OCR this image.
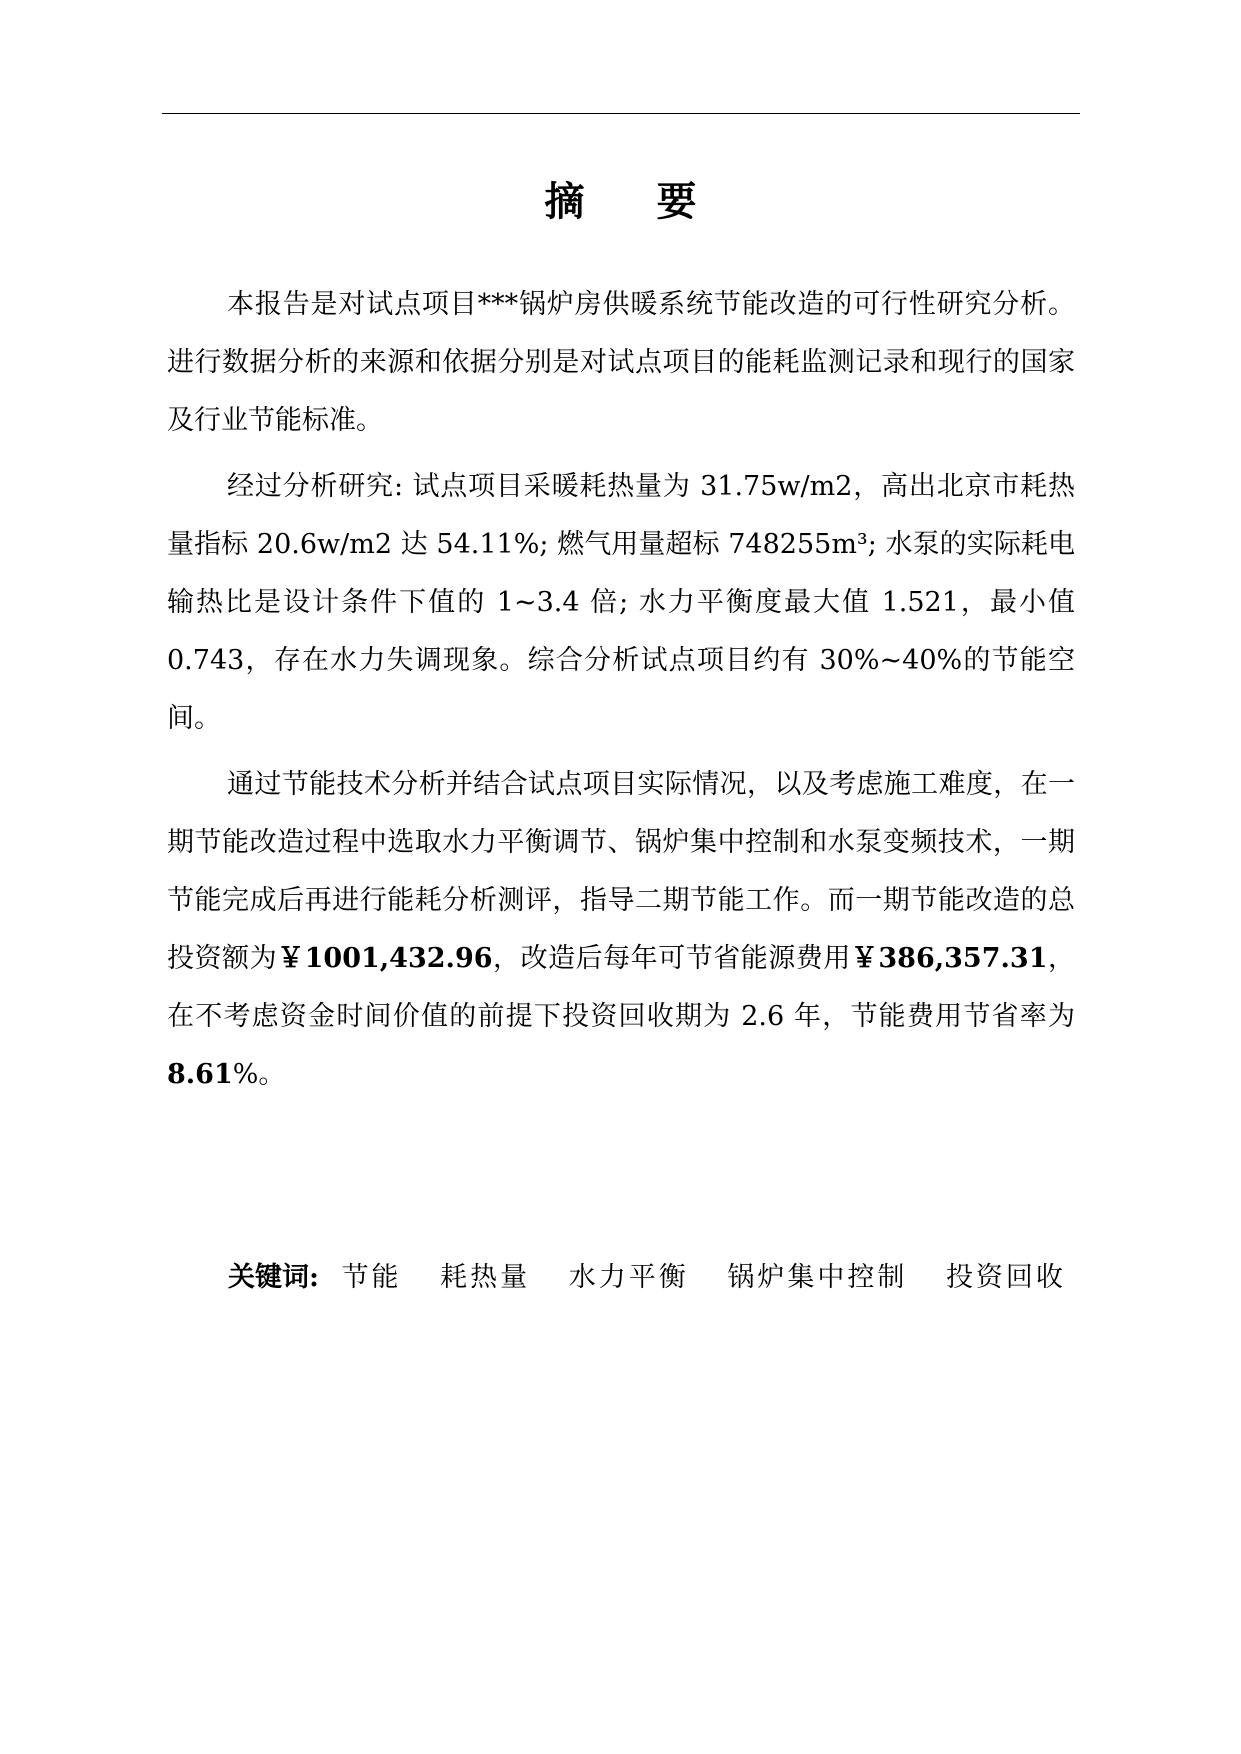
摘 要

本报告是对试点项目***锅炉房供暖系统节能改造的可行性研究分析。进行数据分析的来源和依据分别是对试点项目的能耗监测记录和现行的国家及行业节能标准。

经过分析研究: 试点项目采暖耗热量为 31.75w/m2，高出北京市耗热量指标 20.6w/m2 达 54.11%; 燃气用量超标 748255m³; 水泵的实际耗电输热比是设计条件下值的 1~3.4 倍; 水力平衡度最大值 1.521，最小值 0.743，存在水力失调现象。综合分析试点项目约有 30%~40%的节能空间。

通过节能技术分析并结合试点项目实际情况，以及考虑施工难度，在一期节能改造过程中选取水力平衡调节、锅炉集中控制和水泵变频技术，一期节能完成后再进行能耗分析测评，指导二期节能工作。而一期节能改造的总投资额为￥1001,432.96，改造后每年可节省能源费用￥386,357.31，在不考虑资金时间价值的前提下投资回收期为 2.6 年，节能费用节省率为 8.61%。

关键词: 节能 耗热量 水力平衡 锅炉集中控制 投资回收
